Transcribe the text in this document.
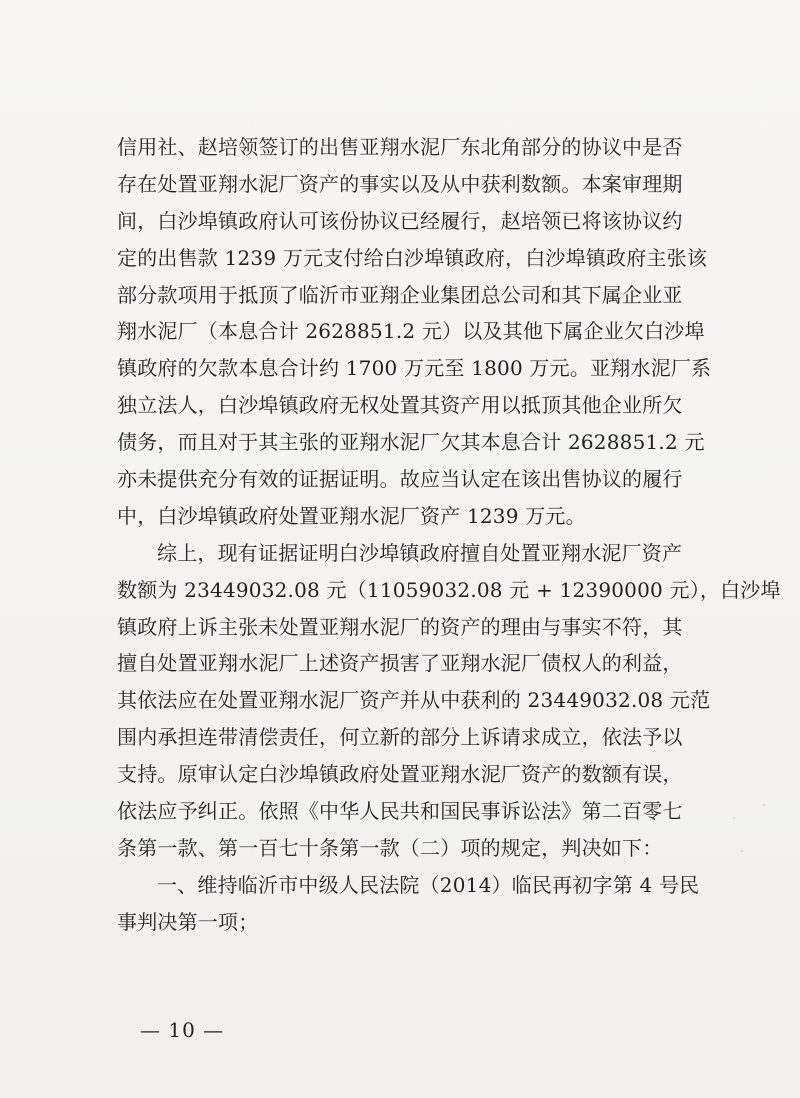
信用社、赵培领签订的出售亚翔水泥厂东北角部分的协议中是否
存在处置亚翔水泥厂资产的事实以及从中获利数额。本案审理期
间，白沙埠镇政府认可该份协议已经履行，赵培领已将该协议约
定的出售款 1239 万元支付给白沙埠镇政府，白沙埠镇政府主张该
部分款项用于抵顶了临沂市亚翔企业集团总公司和其下属企业亚
翔水泥厂（本息合计 2628851.2 元）以及其他下属企业欠白沙埠
镇政府的欠款本息合计约 1700 万元至 1800 万元。亚翔水泥厂系
独立法人，白沙埠镇政府无权处置其资产用以抵顶其他企业所欠
债务，而且对于其主张的亚翔水泥厂欠其本息合计 2628851.2 元
亦未提供充分有效的证据证明。故应当认定在该出售协议的履行
中，白沙埠镇政府处置亚翔水泥厂资产 1239 万元。
综上，现有证据证明白沙埠镇政府擅自处置亚翔水泥厂资产
数额为 23449032.08 元（11059032.08 元 + 12390000 元），白沙埠
镇政府上诉主张未处置亚翔水泥厂的资产的理由与事实不符，其
擅自处置亚翔水泥厂上述资产损害了亚翔水泥厂债权人的利益，
其依法应在处置亚翔水泥厂资产并从中获利的 23449032.08 元范
围内承担连带清偿责任，何立新的部分上诉请求成立，依法予以
支持。原审认定白沙埠镇政府处置亚翔水泥厂资产的数额有误，
依法应予纠正。依照《中华人民共和国民事诉讼法》第二百零七
条第一款、第一百七十条第一款（二）项的规定，判决如下：
一、维持临沂市中级人民法院（2014）临民再初字第 4 号民
事判决第一项；
— 10 —
